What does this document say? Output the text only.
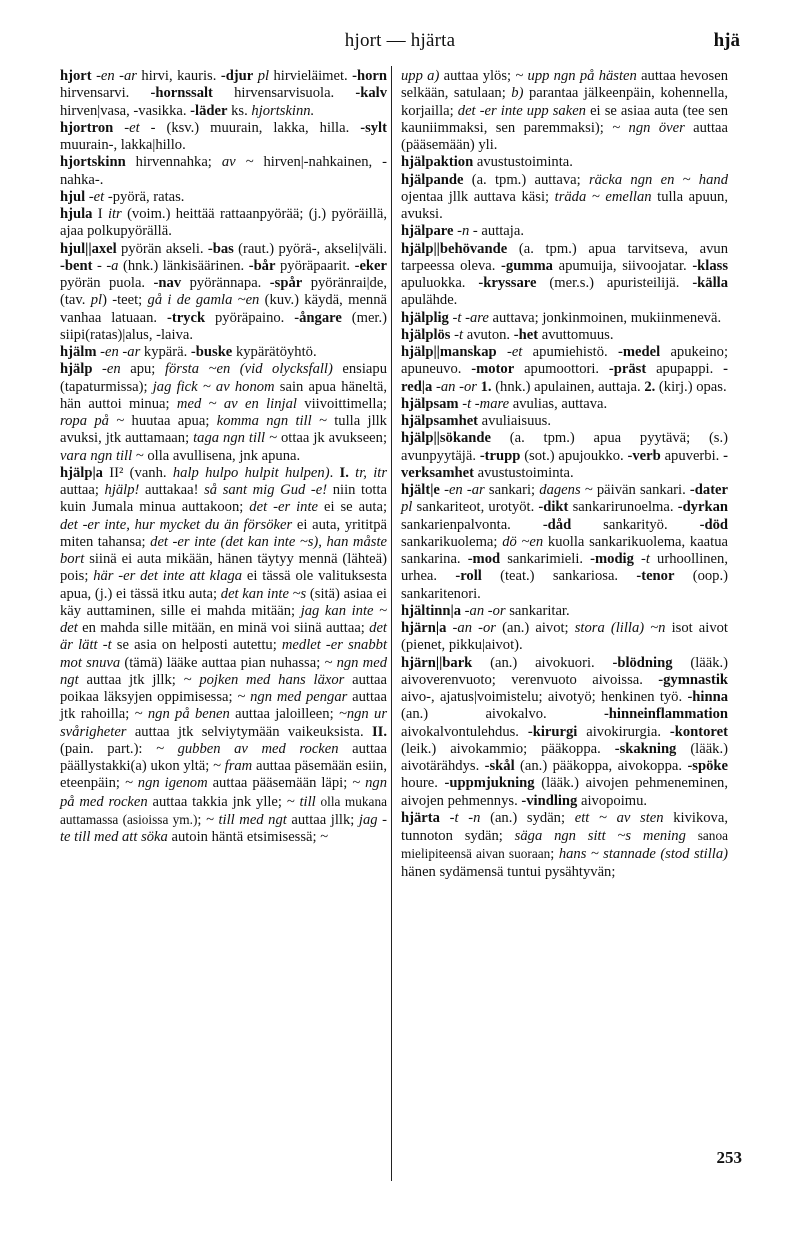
hjort — hjärta	hjä

hjort -en -ar hirvi, kauris. -djur pl hirvieläimet. -horn hirvensarvi. -hornssalt hirvensarvisuola. -kalv hirven|vasa, -vasikka. -läder ks. hjortskinn.

hjortron -et - (ksv.) muurain, lakka, hilla. -sylt muurain-, lakka|hillo.

hjortskinn hirvennahka; av ~ hirven|-nahkainen, -nahka-.

hjul -et -pyörä, ratas.

hjula I itr (voim.) heittää rattaanpyörää; (j.) pyöräillä, ajaa polkupyörällä.

hjul||axel pyörän akseli. -bas (raut.) pyörä-, akseli|väli. -bent - -a (hnk.) länkisäärinen. -bår pyöräpaarit. -eker pyörän puola. -nav pyörännapa. -spår pyöränrai|de, (tav. pl) -teet; gå i de gamla ~en (kuv.) käydä, mennä vanhaa latuaan. -tryck pyöräpaino. -ångare (mer.) siipi(ratas)|alus, -laiva.

hjälm -en -ar kypärä. -buske kypärätöyhtö.

hjälp -en apu; första ~en (vid olycksfall) ensiapu (tapaturmissa); jag fick ~ av honom sain apua häneltä, hän auttoi minua; med ~ av en linjal viivoittimella; ropa på ~ huutaa apua; komma ngn till ~ tulla jllk avuksi, jtk auttamaan; taga ngn till ~ ottaa jk avukseen; vara ngn till ~ olla avullisena, jnk apuna.

hjälp|a II² (vanh. halp hulpo hulpit hulpen). I. tr, itr auttaa; hjälp! auttakaa! så sant mig Gud -e! niin totta kuin Jumala minua auttakoon; det -er inte ei se auta; det -er inte, hur mycket du än försöker ei auta, yrititpä miten tahansa; det -er inte (det kan inte ~s), han måste bort siinä ei auta mikään, hänen täytyy mennä (lähteä) pois; här -er det inte att klaga ei tässä ole valituksesta apua, (j.) ei tässä itku auta; det kan inte ~s (sitä) asiaa ei käy auttaminen, sille ei mahda mitään; jag kan inte ~ det en mahda sille mitään, en minä voi siinä auttaa; det är lätt -t se asia on helposti autettu; medlet -er snabbt mot snuva (tämä) lääke auttaa pian nuhassa; ~ ngn med ngt auttaa jtk jllk; ~ pojken med hans läxor auttaa poikaa läksyjen oppimisessa; ~ ngn med pengar auttaa jtk rahoilla; ~ ngn på benen auttaa jaloilleen; ~ngn ur svårigheter auttaa jtk selviytymään vaikeuksista. II. (pain. part.): ~ gubben av med rocken auttaa päällystakki(a) ukon yltä; ~ fram auttaa päsemään esiin, eteenpäin; ~ ngn igenom auttaa pääsemään läpi; ~ ngn på med rocken auttaa takkia jnk ylle; ~ till olla mukana auttamassa (asioissa ym.); ~ till med ngt auttaa jllk; jag -te till med att söka autoin häntä etsimisessä; ~

upp a) auttaa ylös; ~ upp ngn på hästen auttaa hevosen selkään, satulaan; b) parantaa jälkeenpäin, kohennella, korjailla; det -er inte upp saken ei se asiaa auta (tee sen kauniimmaksi, sen paremmaksi); ~ ngn över auttaa (pääsemään) yli.

hjälpaktion avustustoiminta.

hjälpande (a. tpm.) auttava; räcka ngn en ~ hand ojentaa jllk auttava käsi; träda ~ emellan tulla apuun, avuksi.

hjälpare -n - auttaja.

hjälp||behövande (a. tpm.) apua tarvitseva, avun tarpeessa oleva. -gumma apumuija, siivoojatar. -klass apuluokka. -kryssare (mer.s.) apuristeilijä. -källa apulähde.

hjälplig -t -are auttava; jonkinmoinen, mukiinmenevä.

hjälplös -t avuton. -het avuttomuus.

hjälp||manskap -et apumiehistö. -medel apukeino; apuneuvo. -motor apumoottori. -präst apupappi. -red|a -an -or 1. (hnk.) apulainen, auttaja. 2. (kirj.) opas.

hjälpsam -t -mare avulias, auttava.

hjälpsamhet avuliaisuus.

hjälp||sökande (a. tpm.) apua pyytävä; (s.) avunpyytäjä. -trupp (sot.) apujoukko. -verb apuverbi. -verksamhet avustustoiminta.

hjält|e -en -ar sankari; dagens ~ päivän sankari. -dater pl sankariteot, urotyöt. -dikt sankarirunoelma. -dyrkan sankarienpalvonta. -dåd sankarityö. -död sankarikuolema; dö ~en kuolla sankarikuolema, kaatua sankarina. -mod sankarimieli. -modig -t urhoollinen, urhea. -roll (teat.) sankariosa. -tenor (oop.) sankaritenori.

hjältinn|a -an -or sankaritar.

hjärn|a -an -or (an.) aivot; stora (lilla) ~n isot aivot (pienet, pikku|aivot).

hjärn||bark (an.) aivokuori. -blödning (lääk.) aivoverenvuoto; verenvuoto aivoissa. -gymnastik aivo-, ajatus|voimistelu; aivotyö; henkinen työ. -hinna (an.) aivokalvo. -hinneinflammation aivokalvontulehdus. -kirurgi aivokirurgia. -kontoret (leik.) aivokammio; pääkoppa. -skakning (lääk.) aivotärähdys. -skål (an.) pääkoppa, aivokoppa. -spöke houre. -uppmjukning (lääk.) aivojen pehmeneminen, aivojen pehmennys. -vindling aivopoimu.

hjärta -t -n (an.) sydän; ett ~ av sten kivikova, tunnoton sydän; säga ngn sitt ~s mening sanoa mielipiteensä aivan suoraan; hans ~ stannade (stod stilla) hänen sydämensä tuntui pysähtyvän;

253
